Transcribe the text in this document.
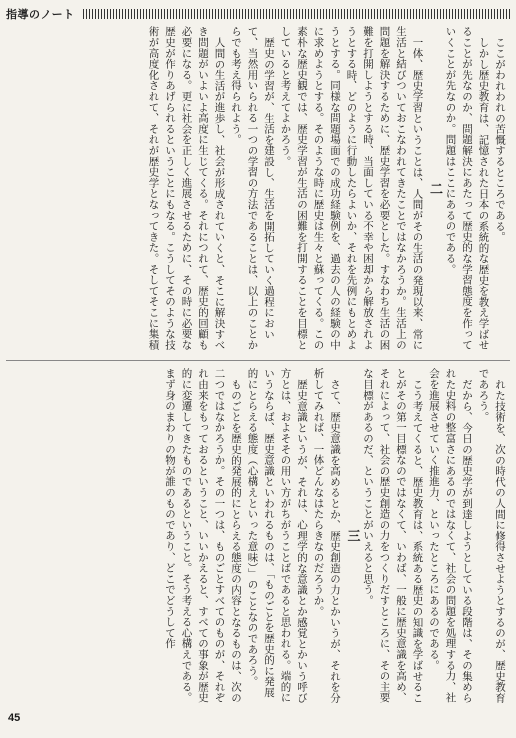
指導のノート

ここがわれわれの苦慨するところである。

しかし歴史教育は、記憶された日本の系統的な歴史を教え学ばせることが先なのか、問題解決にあたって歴史的な学習態度を作っていくことが先なのか。問題はここにあるのである。

二

一体、歴史学習ということは、人間がその生活の発現以来、常に生活と結びついておこなわれてきたことではなかろうか。生活上の問題を解決するために、歴史学習を必要とした。すなわち生活の困難を打開しようとする時、当面している不幸や困却から解放されようとする時、どのように行動したらよいか、それを先例にもとめようとする。同様な問題場面での成功経験例を、過去の人の経験の中に求めようとする。そのような時に歴史は生々と蘇ってくる。この素朴な歴史観では、歴史学習が生活の困難を打開することを目標としていると考えてよかろう。

歴史の学習が、生活を建設し、生活を開拓していく過程において、当然用いられる一つの学習の方法であることは、以上のことからでも考え得られよう。

人間の生活が進歩し、社会が形成されていくと、そこに解決すべき問題がいよいよ高度に生じてくる。それにつれて、歴史的回顧も必要になる。更に社会を正しく進展させるために、その時に必要な歴史が作りあげられるということにもなる。こうしてそのような技術が高度化されて、それが歴史学となってきた。そしてそこに集積

れた技術を、次の時代の人間に修得させようとするのが、歴史教育であろう。

だから、今日の歴史学が到達しようとしている段階は、その集められた史料の整富さにあるのではなくて、社会の問題を処理する力、社会を進展させていく推進力、といったところにあるのである。

こう考えてくると、歴史教育は、系統ある歴史の知識を学ばせることがその第一目標なのではなくて、いわば、一般に歴史意識を高め、それによって、社会の歴史創造の力をつくりだすところに、その主要な目標があるのだ、ということがいえると思う。

三

さて、歴史意識を高めるとか、歴史創造の力とかいうが、それを分析してみれば、一体どんなはたらきなのだろうか。

歴史意識というが、それは、心理学的な意識とか感覚とかいう呼び方とは、およそその用い方がちがうことばであると思われる。端的にいうならば、歴史意識といわれるものは、「ものごとを歴史的に発展的にとらえる態度（心構えといった意味）」のことなのであろう。

ものごとを歴史的発展的にとらえる態度の内容となるものは、次の二つではなかろうか。その一つは、ものごとすべてのものが、それぞれ由来をもっておるということ、いいかえると、すべての事象が歴史的に変遷してきたものであるということ。そう考える心構えである。まず身のまわりの物が誰のものであり、どこでどうして作

45
